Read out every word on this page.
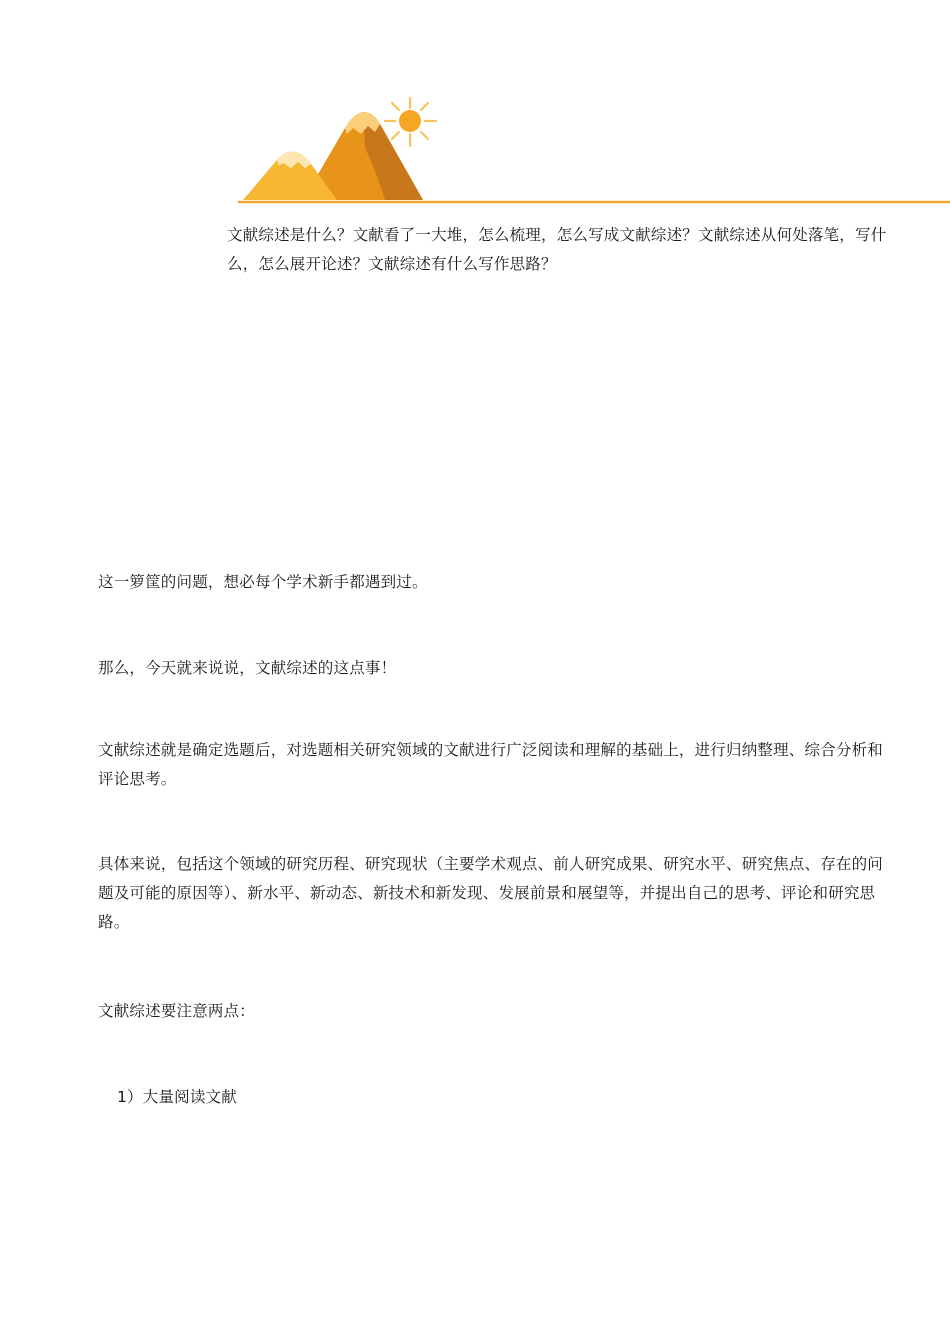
文献综述是什么？文献看了一大堆，怎么梳理，怎么写成文献综述？文献综述从何处落笔，写什么，怎么展开论述？文献综述有什么写作思路？

这一箩筐的问题，想必每个学术新手都遇到过。

那么，今天就来说说，文献综述的这点事！

文献综述就是确定选题后，对选题相关研究领域的文献进行广泛阅读和理解的基础上，进行归纳整理、综合分析和评论思考。

具体来说，包括这个领域的研究历程、研究现状（主要学术观点、前人研究成果、研究水平、研究焦点、存在的问题及可能的原因等）、新水平、新动态、新技术和新发现、发展前景和展望等，并提出自己的思考、评论和研究思路。

文献综述要注意两点：

1）大量阅读文献
